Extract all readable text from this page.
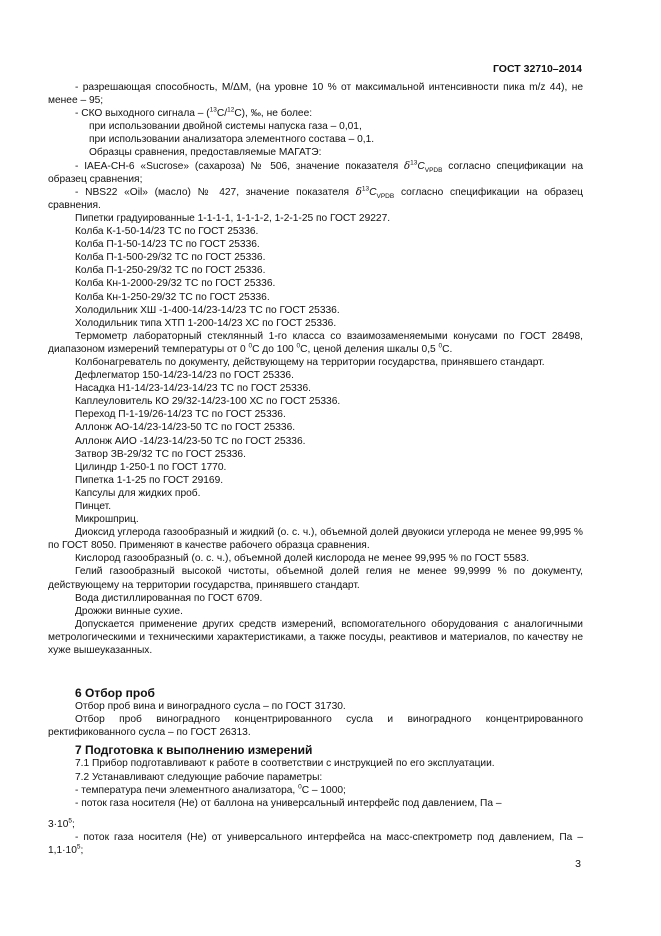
ГОСТ 32710–2014

- разрешающая способность, М/ΔМ, (на уровне 10 % от максимальной интенсивности пика m/z 44), не менее – 95;

- СКО выходного сигнала – ($^{13}$С/$^{12}$С), ‰, не более:

при использовании двойной системы напуска газа – 0,01,

при использовании анализатора элементного состава – 0,1.

Образцы сравнения, предоставляемые МАГАТЭ:

- IAEA-CH-6 «Sucrose» (сахароза) № 506, значение показателя $\delta^{13}C_{VPDB}$ согласно спецификации на образец сравнения;

- NBS22 «Oil» (масло) № 427, значение показателя $\delta^{13}C_{VPDB}$ согласно спецификации на образец сравнения.

Пипетки градуированные 1-1-1-1, 1-1-1-2, 1-2-1-25 по ГОСТ 29227.

Колба К-1-50-14/23 ТС по ГОСТ 25336.

Колба П-1-50-14/23 ТС по ГОСТ 25336.

Колба П-1-500-29/32 ТС по ГОСТ 25336.

Колба П-1-250-29/32 ТС по ГОСТ 25336.

Колба Кн-1-2000-29/32 ТС по ГОСТ 25336.

Колба Кн-1-250-29/32 ТС по ГОСТ 25336.

Холодильник ХШ -1-400-14/23-14/23 ТС по ГОСТ 25336.

Холодильник типа ХТП 1-200-14/23 ХС по ГОСТ 25336.

Термометр лабораторный стеклянный 1-го класса со взаимозаменяемыми конусами по ГОСТ 28498, диапазоном измерений температуры от 0 $^0$С до 100 $^0$С, ценой деления шкалы 0,5 $^0$С.

Колбонагреватель по документу, действующему на территории государства, принявшего стандарт.

Дефлегматор 150-14/23-14/23 по ГОСТ 25336.

Насадка Н1-14/23-14/23-14/23 ТС по ГОСТ 25336.

Каплеуловитель КО 29/32-14/23-100 ХС по ГОСТ 25336.

Переход П-1-19/26-14/23 ТС по ГОСТ 25336.

Аллонж АО-14/23-14/23-50 ТС по ГОСТ 25336.

Аллонж АИО -14/23-14/23-50 ТС по ГОСТ 25336.

Затвор ЗВ-29/32 ТС по ГОСТ 25336.

Цилиндр 1-250-1 по ГОСТ 1770.

Пипетка 1-1-25 по ГОСТ 29169.

Капсулы для жидких проб.

Пинцет.

Микрошприц.

Диоксид углерода газообразный и жидкий (о. с. ч.), объемной долей двуокиси углерода не менее 99,995 % по ГОСТ 8050. Применяют в качестве рабочего образца сравнения.

Кислород газообразный (о. с. ч.), объемной долей кислорода не менее 99,995 % по ГОСТ 5583.

Гелий газообразный высокой чистоты, объемной долей гелия не менее 99,9999 % по документу, действующему на территории государства, принявшего стандарт.

Вода дистиллированная по ГОСТ 6709.

Дрожжи винные сухие.

Допускается применение других средств измерений, вспомогательного оборудования с аналогичными метрологическими и техническими характеристиками, а также посуды, реактивов и материалов, по качеству не хуже вышеуказанных.

6 Отбор проб

Отбор проб вина и виноградного сусла – по ГОСТ 31730.

Отбор проб виноградного концентрированного сусла и виноградного концентрированного ректификованного сусла – по ГОСТ 26313.

7 Подготовка к выполнению измерений

7.1 Прибор подготавливают к работе в соответствии с инструкцией по его эксплуатации.

7.2 Устанавливают следующие рабочие параметры:

- температура печи элементного анализатора, $^0$С – 1000;

- поток газа носителя (Не) от баллона на универсальный интерфейс под давлением, Па –

$3\cdot 10^5$;

- поток газа носителя (Не) от универсального интерфейса на масс-спектрометр под давлением, Па – $1,1\cdot 10^5$;

3
